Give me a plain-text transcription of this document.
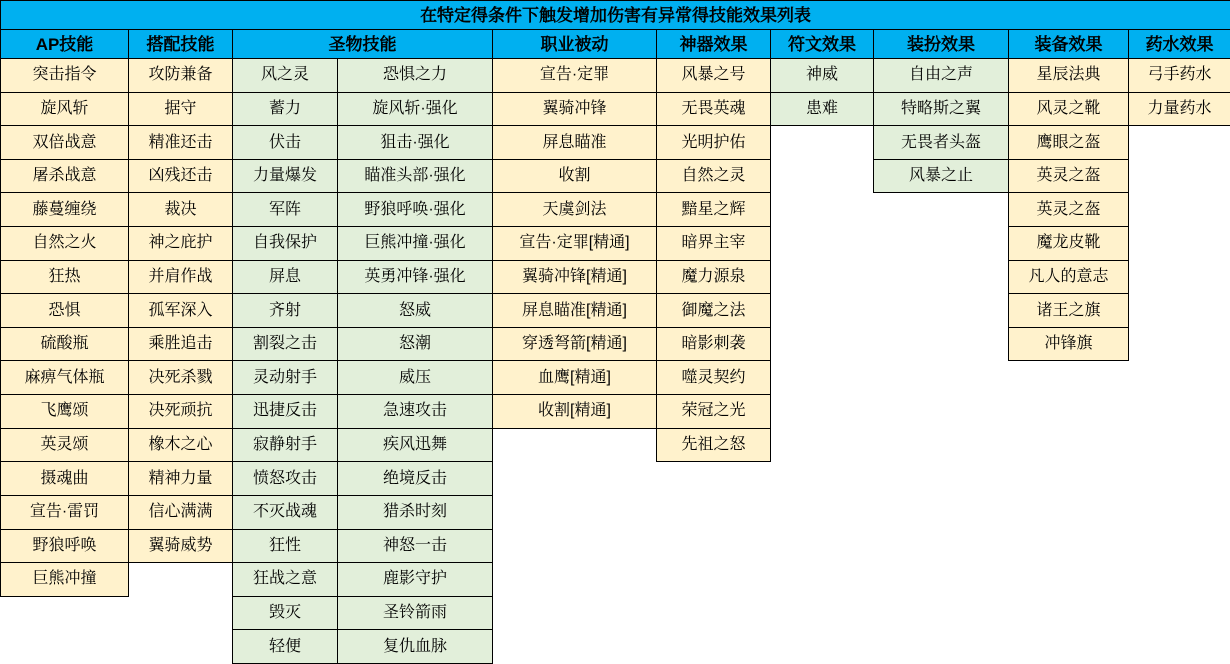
在特定得条件下触发增加伤害有异常得技能效果列表									
AP技能	搭配技能	圣物技能		职业被动	神器效果	符文效果	装扮效果	装备效果	药水效果
突击指令	攻防兼备	风之灵	恐惧之力	宣告·定罪	风暴之号	神威	自由之声	星辰法典	弓手药水
旋风斩	据守	蓄力	旋风斩·强化	翼骑冲锋	无畏英魂	患难	特略斯之翼	风灵之靴	力量药水
双倍战意	精准还击	伏击	狙击·强化	屏息瞄准	光明护佑		无畏者头盔	鹰眼之盔	
屠杀战意	凶残还击	力量爆发	瞄准头部·强化	收割	自然之灵		风暴之止	英灵之盔	
藤蔓缠绕	裁决	军阵	野狼呼唤·强化	天虞剑法	黯星之辉			英灵之盔	
自然之火	神之庇护	自我保护	巨熊冲撞·强化	宣告·定罪[精通]	暗界主宰			魔龙皮靴	
狂热	并肩作战	屏息	英勇冲锋·强化	翼骑冲锋[精通]	魔力源泉			凡人的意志	
恐惧	孤军深入	齐射	怒威	屏息瞄准[精通]	御魔之法			诸王之旗	
硫酸瓶	乘胜追击	割裂之击	怒潮	穿透弩箭[精通]	暗影刺袭			冲锋旗	
麻痹气体瓶	决死杀戮	灵动射手	威压	血鹰[精通]	噬灵契约				
飞鹰颂	决死顽抗	迅捷反击	急速攻击	收割[精通]	荣冠之光				
英灵颂	橡木之心	寂静射手	疾风迅舞		先祖之怒				
摄魂曲	精神力量	愤怒攻击	绝境反击						
宣告·雷罚	信心满满	不灭战魂	猎杀时刻						
野狼呼唤	翼骑威势	狂性	神怒一击						
巨熊冲撞		狂战之意	鹿影守护						
		毁灭	圣铃箭雨						
		轻便	复仇血脉						
